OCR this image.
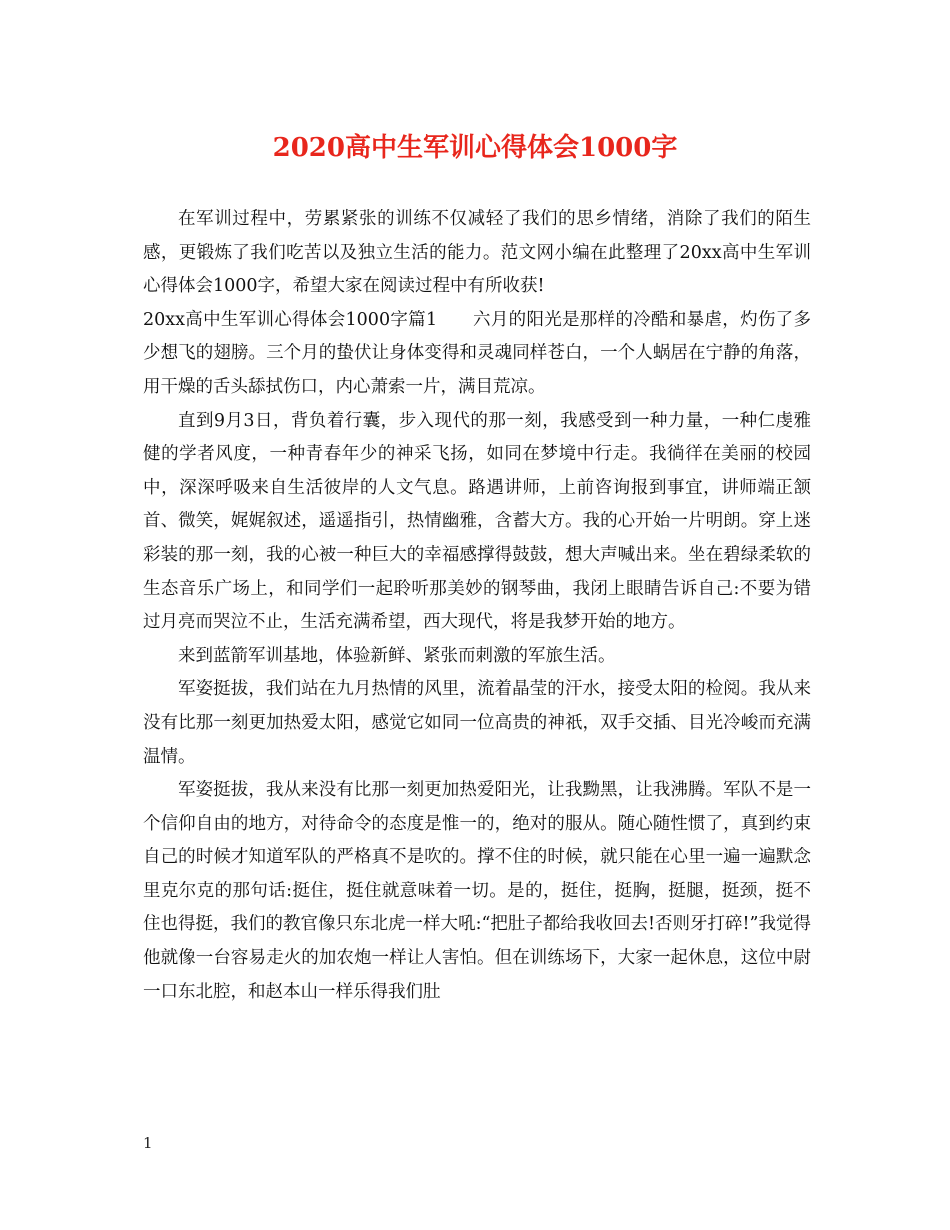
2020高中生军训心得体会1000字

在军训过程中，劳累紧张的训练不仅减轻了我们的思乡情绪，消除了我们的陌生感，更锻炼了我们吃苦以及独立生活的能力。范文网小编在此整理了20xx高中生军训心得体会1000字，希望大家在阅读过程中有所收获!

20xx高中生军训心得体会1000字篇1　　六月的阳光是那样的冷酷和暴虐，灼伤了多少想飞的翅膀。三个月的蛰伏让身体变得和灵魂同样苍白，一个人蜗居在宁静的角落，用干燥的舌头舔拭伤口，内心萧索一片，满目荒凉。

直到9月3日，背负着行囊，步入现代的那一刻，我感受到一种力量，一种仁虔雅健的学者风度，一种青春年少的神采飞扬，如同在梦境中行走。我徜徉在美丽的校园中，深深呼吸来自生活彼岸的人文气息。路遇讲师，上前咨询报到事宜，讲师端正颔首、微笑，娓娓叙述，遥遥指引，热情幽雅，含蓄大方。我的心开始一片明朗。穿上迷彩装的那一刻，我的心被一种巨大的幸福感撑得鼓鼓，想大声喊出来。坐在碧绿柔软的生态音乐广场上，和同学们一起聆听那美妙的钢琴曲，我闭上眼睛告诉自己:不要为错过月亮而哭泣不止，生活充满希望，西大现代，将是我梦开始的地方。

来到蓝箭军训基地，体验新鲜、紧张而刺激的军旅生活。

军姿挺拔，我们站在九月热情的风里，流着晶莹的汗水，接受太阳的检阅。我从来没有比那一刻更加热爱太阳，感觉它如同一位高贵的神祇，双手交插、目光冷峻而充满温情。

军姿挺拔，我从来没有比那一刻更加热爱阳光，让我黝黑，让我沸腾。军队不是一个信仰自由的地方，对待命令的态度是惟一的，绝对的服从。随心随性惯了，真到约束自己的时候才知道军队的严格真不是吹的。撑不住的时候，就只能在心里一遍一遍默念里克尔克的那句话:挺住，挺住就意味着一切。是的，挺住，挺胸，挺腿，挺颈，挺不住也得挺，我们的教官像只东北虎一样大吼:“把肚子都给我收回去!否则牙打碎!”我觉得他就像一台容易走火的加农炮一样让人害怕。但在训练场下，大家一起休息，这位中尉一口东北腔，和赵本山一样乐得我们肚

1
